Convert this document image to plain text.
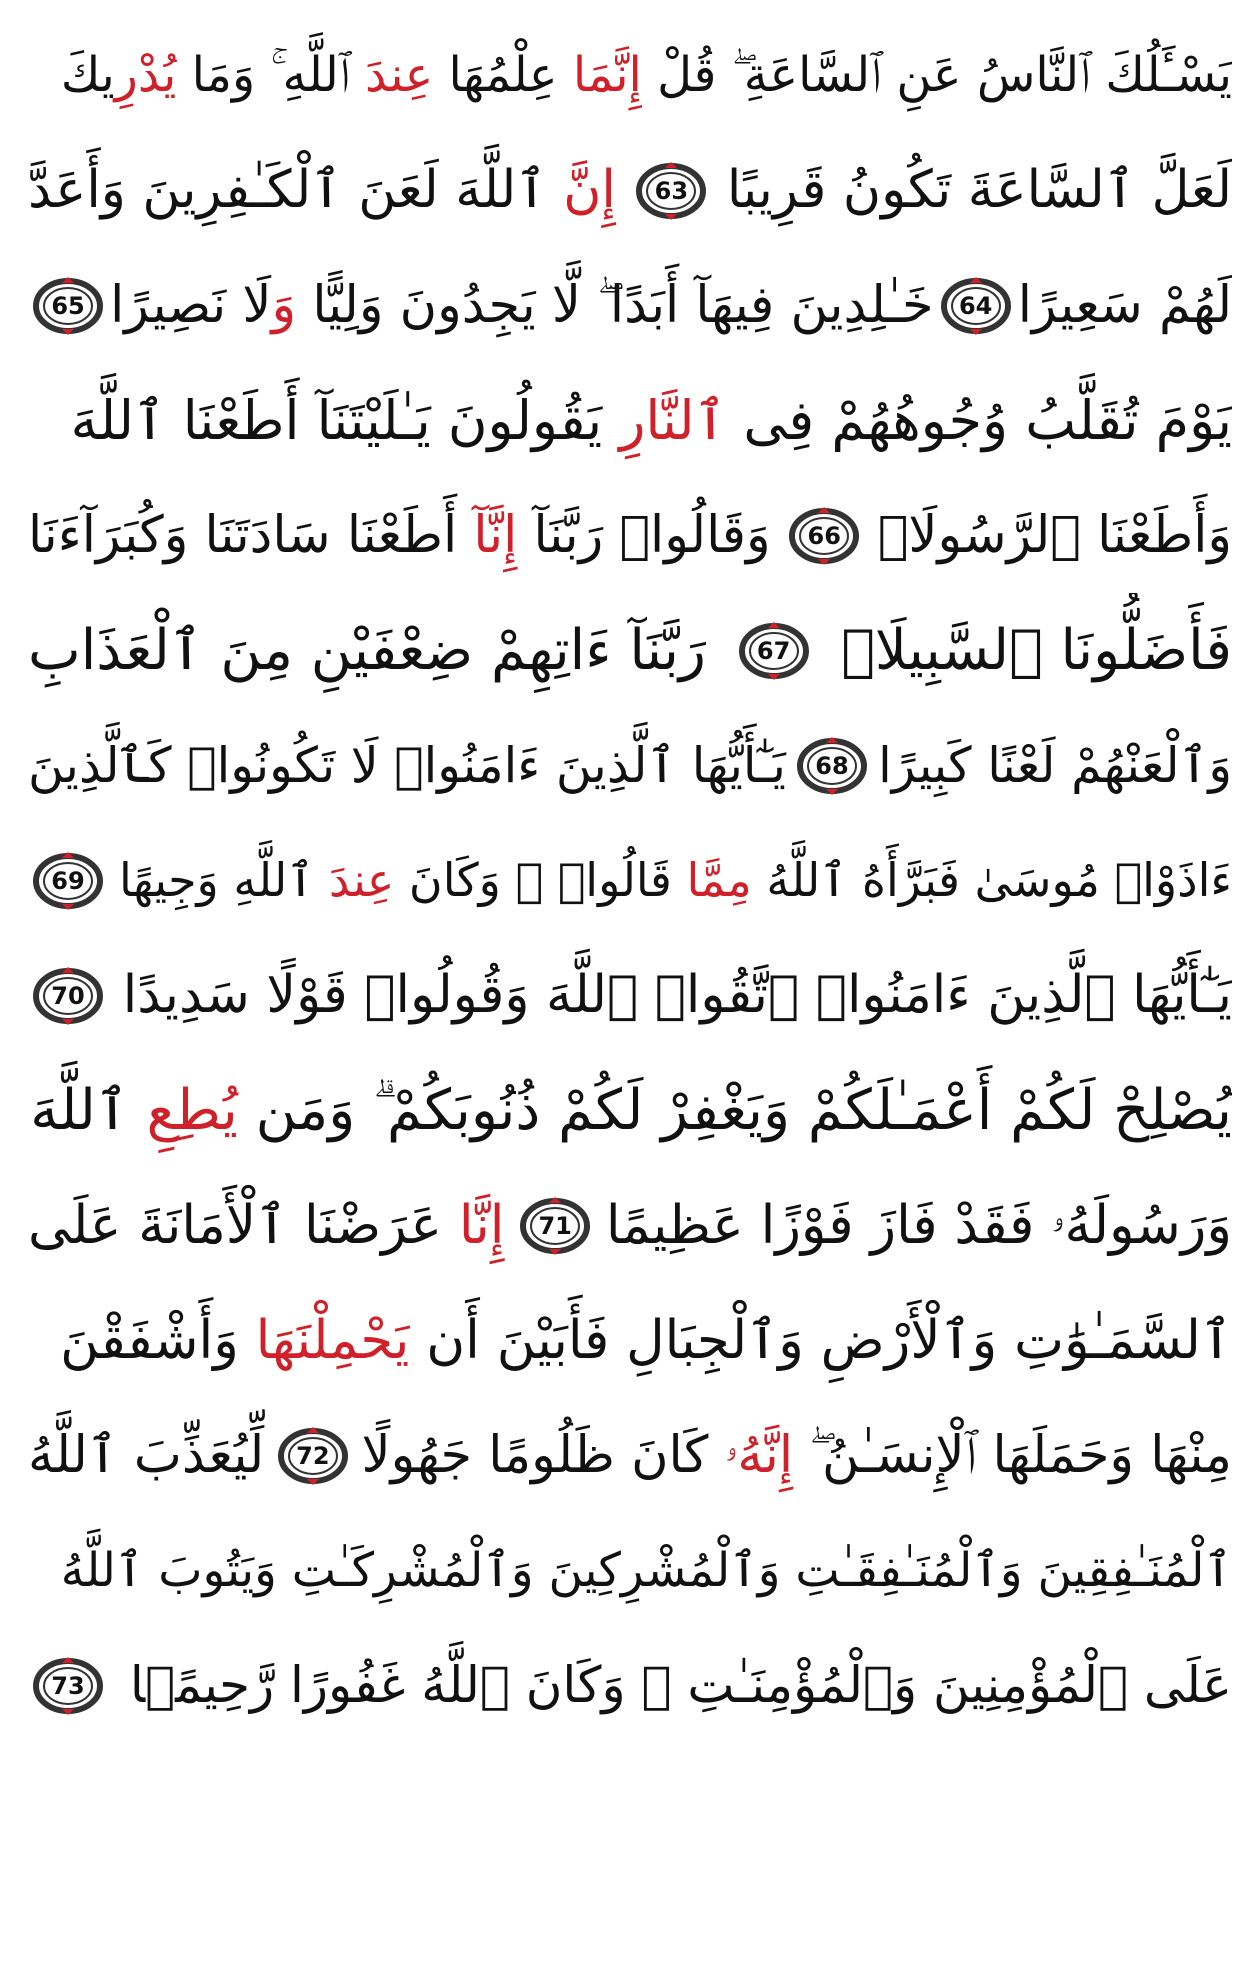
يَسْـَٔلُكَ ٱلنَّاسُ عَنِ ٱلسَّاعَةِ ۖ قُلْ إِنَّمَا عِلْمُهَا عِندَ ٱللَّهِ ۚ وَمَا يُدْرِيكَ
لَعَلَّ ٱلسَّاعَةَ تَكُونُ قَرِيبًا
63
إِنَّ ٱللَّهَ لَعَنَ ٱلْكَـٰفِرِينَ وَأَعَدَّ
لَهُمْ سَعِيرًا
64
خَـٰلِدِينَ فِيهَآ أَبَدًا ۖ لَّا يَجِدُونَ وَلِيًّا وَلَا نَصِيرًا
65
يَوْمَ تُقَلَّبُ وُجُوهُهُمْ فِى ٱلنَّارِ يَقُولُونَ يَـٰلَيْتَنَآ أَطَعْنَا ٱللَّهَ
وَأَطَعْنَا ٱلرَّسُولَا۠
66
وَقَالُوا۟ رَبَّنَآ إِنَّآ أَطَعْنَا سَادَتَنَا وَكُبَرَآءَنَا
فَأَضَلُّونَا ٱلسَّبِيلَا۠
67
رَبَّنَآ ءَاتِهِمْ ضِعْفَيْنِ مِنَ ٱلْعَذَابِ
وَٱلْعَنْهُمْ لَعْنًا كَبِيرًا
68
يَـٰٓأَيُّهَا ٱلَّذِينَ ءَامَنُوا۟ لَا تَكُونُوا۟ كَٱلَّذِينَ
ءَاذَوْا۟ مُوسَىٰ فَبَرَّأَهُ ٱللَّهُ مِمَّا قَالُوا۟ ۚ وَكَانَ عِندَ ٱللَّهِ وَجِيهًا
69
يَـٰٓأَيُّهَا ٱلَّذِينَ ءَامَنُوا۟ ٱتَّقُوا۟ ٱللَّهَ وَقُولُوا۟ قَوْلًا سَدِيدًا
70
يُصْلِحْ لَكُمْ أَعْمَـٰلَكُمْ وَيَغْفِرْ لَكُمْ ذُنُوبَكُمْ ۗ وَمَن يُطِعِ ٱللَّهَ
وَرَسُولَهُۥ فَقَدْ فَازَ فَوْزًا عَظِيمًا
71
إِنَّا عَرَضْنَا ٱلْأَمَانَةَ عَلَى
ٱلسَّمَـٰوَٰتِ وَٱلْأَرْضِ وَٱلْجِبَالِ فَأَبَيْنَ أَن يَحْمِلْنَهَا وَأَشْفَقْنَ
مِنْهَا وَحَمَلَهَا ٱلْإِنسَـٰنُ ۖ إِنَّهُۥ كَانَ ظَلُومًا جَهُولًا
72
لِّيُعَذِّبَ ٱللَّهُ
ٱلْمُنَـٰفِقِينَ وَٱلْمُنَـٰفِقَـٰتِ وَٱلْمُشْرِكِينَ وَٱلْمُشْرِكَـٰتِ وَيَتُوبَ ٱللَّهُ
عَلَى ٱلْمُؤْمِنِينَ وَٱلْمُؤْمِنَـٰتِ ۗ وَكَانَ ٱللَّهُ غَفُورًا رَّحِيمًۢا
73
